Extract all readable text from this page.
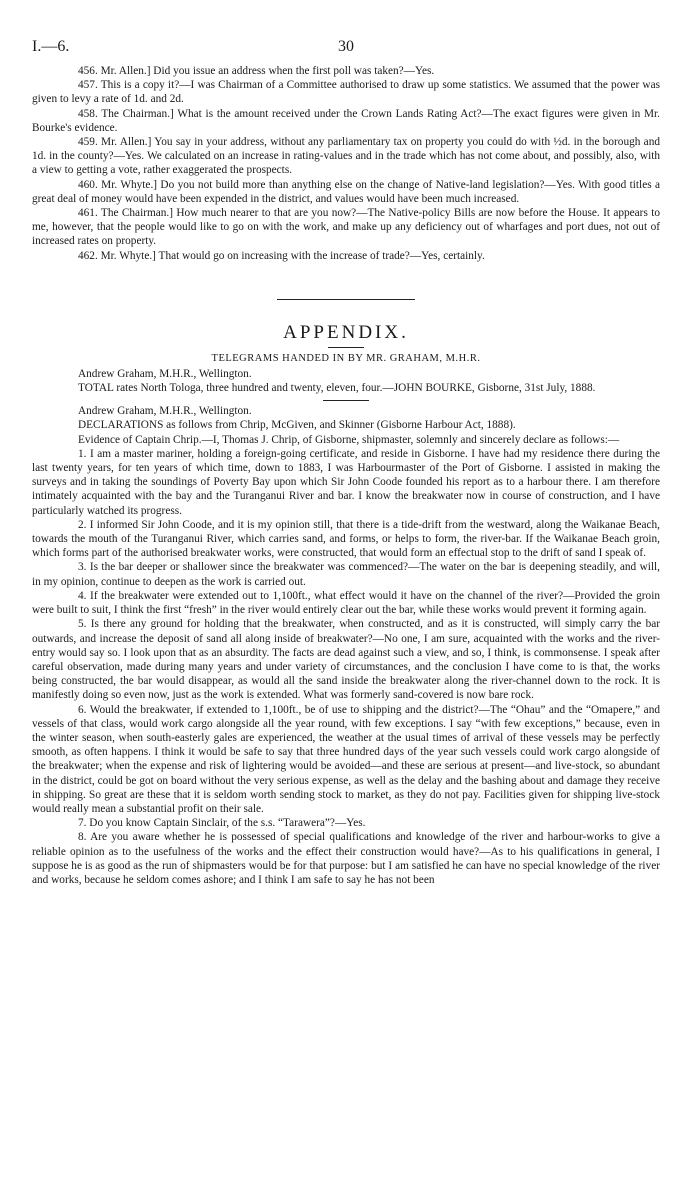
I.—6.	30

456. Mr. Allen.] Did you issue an address when the first poll was taken?—Yes.

457. This is a copy it?—I was Chairman of a Committee authorised to draw up some statistics. We assumed that the power was given to levy a rate of 1d. and 2d.

458. The Chairman.] What is the amount received under the Crown Lands Rating Act?—The exact figures were given in Mr. Bourke's evidence.

459. Mr. Allen.] You say in your address, without any parliamentary tax on property you could do with ½d. in the borough and 1d. in the county?—Yes. We calculated on an increase in rating-values and in the trade which has not come about, and possibly, also, with a view to getting a vote, rather exaggerated the prospects.

460. Mr. Whyte.] Do you not build more than anything else on the change of Native-land legislation?—Yes. With good titles a great deal of money would have been expended in the district, and values would have been much increased.

461. The Chairman.] How much nearer to that are you now?—The Native-policy Bills are now before the House. It appears to me, however, that the people would like to go on with the work, and make up any deficiency out of wharfages and port dues, not out of increased rates on property.

462. Mr. Whyte.] That would go on increasing with the increase of trade?—Yes, certainly.

APPENDIX.
TELEGRAMS HANDED IN BY MR. GRAHAM, M.H.R.

Andrew Graham, M.H.R., Wellington.

TOTAL rates North Tologa, three hundred and twenty, eleven, four.—JOHN BOURKE, Gisborne, 31st July, 1888.

Andrew Graham, M.H.R., Wellington.

DECLARATIONS as follows from Chrip, McGiven, and Skinner (Gisborne Harbour Act, 1888).

Evidence of Captain Chrip.—I, Thomas J. Chrip, of Gisborne, shipmaster, solemnly and sincerely declare as follows:—

1. I am a master mariner, holding a foreign-going certificate, and reside in Gisborne. I have had my residence there during the last twenty years, for ten years of which time, down to 1883, I was Harbourmaster of the Port of Gisborne. I assisted in making the surveys and in taking the soundings of Poverty Bay upon which Sir John Coode founded his report as to a harbour there. I am therefore intimately acquainted with the bay and the Turanganui River and bar. I know the breakwater now in course of construction, and I have particularly watched its progress.

2. I informed Sir John Coode, and it is my opinion still, that there is a tide-drift from the westward, along the Waikanae Beach, towards the mouth of the Turanganui River, which carries sand, and forms, or helps to form, the river-bar. If the Waikanae Beach groin, which forms part of the authorised breakwater works, were constructed, that would form an effectual stop to the drift of sand I speak of.

3. Is the bar deeper or shallower since the breakwater was commenced?—The water on the bar is deepening steadily, and will, in my opinion, continue to deepen as the work is carried out.

4. If the breakwater were extended out to 1,100ft., what effect would it have on the channel of the river?—Provided the groin were built to suit, I think the first “fresh” in the river would entirely clear out the bar, while these works would prevent it forming again.

5. Is there any ground for holding that the breakwater, when constructed, and as it is constructed, will simply carry the bar outwards, and increase the deposit of sand all along inside of breakwater?—No one, I am sure, acquainted with the works and the river-entry would say so. I look upon that as an absurdity. The facts are dead against such a view, and so, I think, is commonsense. I speak after careful observation, made during many years and under variety of circumstances, and the conclusion I have come to is that, the works being constructed, the bar would disappear, as would all the sand inside the breakwater along the river-channel down to the rock. It is manifestly doing so even now, just as the work is extended. What was formerly sand-covered is now bare rock.

6. Would the breakwater, if extended to 1,100ft., be of use to shipping and the district?—The “Ohau” and the “Omapere,” and vessels of that class, would work cargo alongside all the year round, with few exceptions. I say “with few exceptions,” because, even in the winter season, when south-easterly gales are experienced, the weather at the usual times of arrival of these vessels may be perfectly smooth, as often happens. I think it would be safe to say that three hundred days of the year such vessels could work cargo alongside of the breakwater; when the expense and risk of lightering would be avoided—and these are serious at present—and live-stock, so abundant in the district, could be got on board without the very serious expense, as well as the delay and the bashing about and damage they receive in shipping. So great are these that it is seldom worth sending stock to market, as they do not pay. Facilities given for shipping live-stock would really mean a substantial profit on their sale.

7. Do you know Captain Sinclair, of the s.s. “Tarawera”?—Yes.

8. Are you aware whether he is possessed of special qualifications and knowledge of the river and harbour-works to give a reliable opinion as to the usefulness of the works and the effect their construction would have?—As to his qualifications in general, I suppose he is as good as the run of shipmasters would be for that purpose: but I am satisfied he can have no special knowledge of the river and works, because he seldom comes ashore; and I think I am safe to say he has not been
